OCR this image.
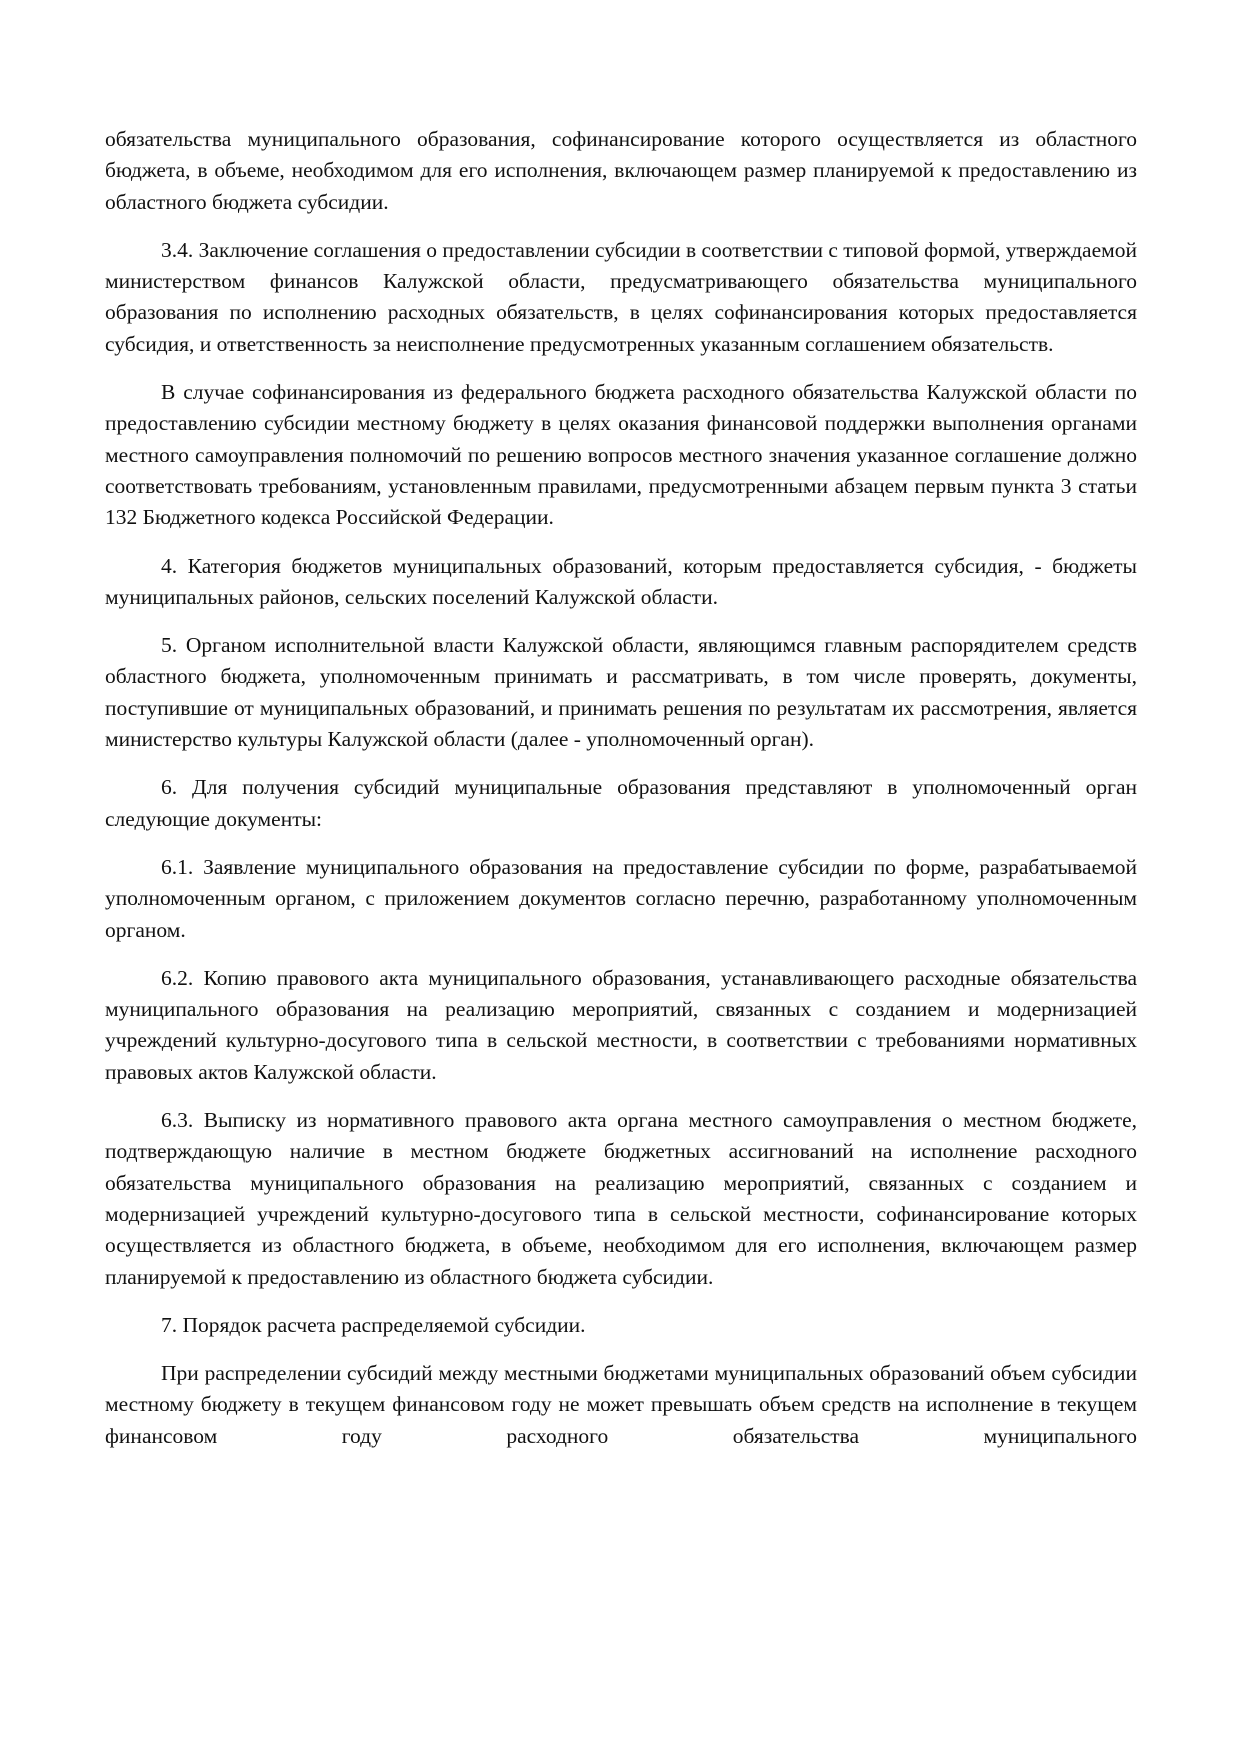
обязательства муниципального образования, софинансирование которого осуществляется из областного бюджета, в объеме, необходимом для его исполнения, включающем размер планируемой к предоставлению из областного бюджета субсидии.

3.4. Заключение соглашения о предоставлении субсидии в соответствии с типовой формой, утверждаемой министерством финансов Калужской области, предусматривающего обязательства муниципального образования по исполнению расходных обязательств, в целях софинансирования которых предоставляется субсидия, и ответственность за неисполнение предусмотренных указанным соглашением обязательств.

В случае софинансирования из федерального бюджета расходного обязательства Калужской области по предоставлению субсидии местному бюджету в целях оказания финансовой поддержки выполнения органами местного самоуправления полномочий по решению вопросов местного значения указанное соглашение должно соответствовать требованиям, установленным правилами, предусмотренными абзацем первым пункта 3 статьи 132 Бюджетного кодекса Российской Федерации.

4. Категория бюджетов муниципальных образований, которым предоставляется субсидия, - бюджеты муниципальных районов, сельских поселений Калужской области.

5. Органом исполнительной власти Калужской области, являющимся главным распорядителем средств областного бюджета, уполномоченным принимать и рассматривать, в том числе проверять, документы, поступившие от муниципальных образований, и принимать решения по результатам их рассмотрения, является министерство культуры Калужской области (далее - уполномоченный орган).

6. Для получения субсидий муниципальные образования представляют в уполномоченный орган следующие документы:

6.1. Заявление муниципального образования на предоставление субсидии по форме, разрабатываемой уполномоченным органом, с приложением документов согласно перечню, разработанному уполномоченным органом.

6.2. Копию правового акта муниципального образования, устанавливающего расходные обязательства муниципального образования на реализацию мероприятий, связанных с созданием и модернизацией учреждений культурно-досугового типа в сельской местности, в соответствии с требованиями нормативных правовых актов Калужской области.

6.3. Выписку из нормативного правового акта органа местного самоуправления о местном бюджете, подтверждающую наличие в местном бюджете бюджетных ассигнований на исполнение расходного обязательства муниципального образования на реализацию мероприятий, связанных с созданием и модернизацией учреждений культурно-досугового типа в сельской местности, софинансирование которых осуществляется из областного бюджета, в объеме, необходимом для его исполнения, включающем размер планируемой к предоставлению из областного бюджета субсидии.

7. Порядок расчета распределяемой субсидии.

При распределении субсидий между местными бюджетами муниципальных образований объем субсидии местному бюджету в текущем финансовом году не может превышать объем средств на исполнение в текущем финансовом году расходного обязательства муниципального
